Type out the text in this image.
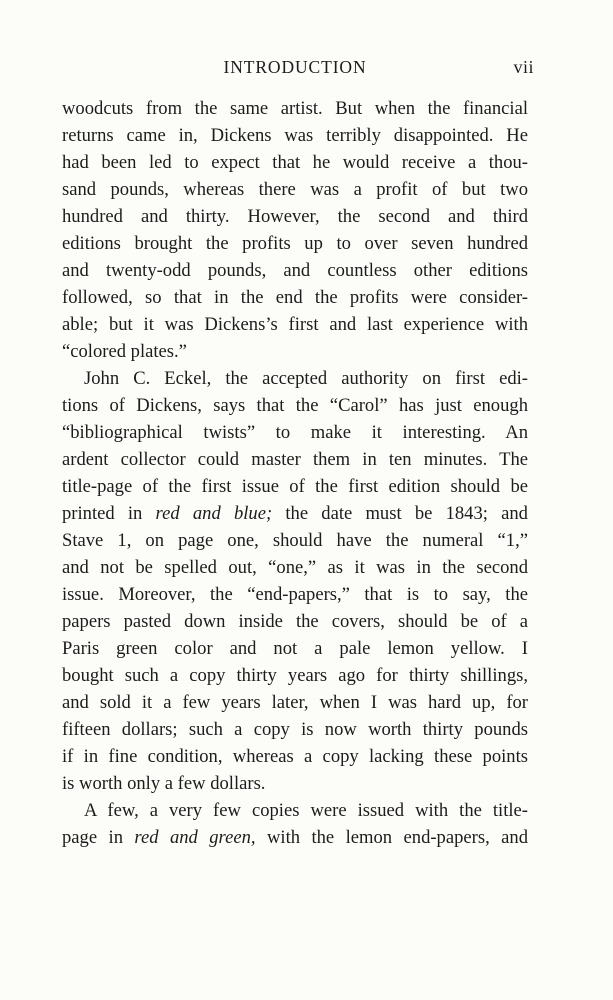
INTRODUCTION	vii
woodcuts from the same artist. But when the financial
returns came in, Dickens was terribly disappointed. He
had been led to expect that he would receive a thou-
sand pounds, whereas there was a profit of but two
hundred and thirty. However, the second and third
editions brought the profits up to over seven hundred
and twenty-odd pounds, and countless other editions
followed, so that in the end the profits were consider-
able; but it was Dickens’s first and last experience with
“colored plates.”
John C. Eckel, the accepted authority on first edi-
tions of Dickens, says that the “Carol” has just enough
“bibliographical twists” to make it interesting. An
ardent collector could master them in ten minutes. The
title-page of the first issue of the first edition should be
printed in red and blue; the date must be 1843; and
Stave 1, on page one, should have the numeral “1,”
and not be spelled out, “one,” as it was in the second
issue. Moreover, the “end-papers,” that is to say, the
papers pasted down inside the covers, should be of a
Paris green color and not a pale lemon yellow. I
bought such a copy thirty years ago for thirty shillings,
and sold it a few years later, when I was hard up, for
fifteen dollars; such a copy is now worth thirty pounds
if in fine condition, whereas a copy lacking these points
is worth only a few dollars.
A few, a very few copies were issued with the title-
page in red and green, with the lemon end-papers, and
